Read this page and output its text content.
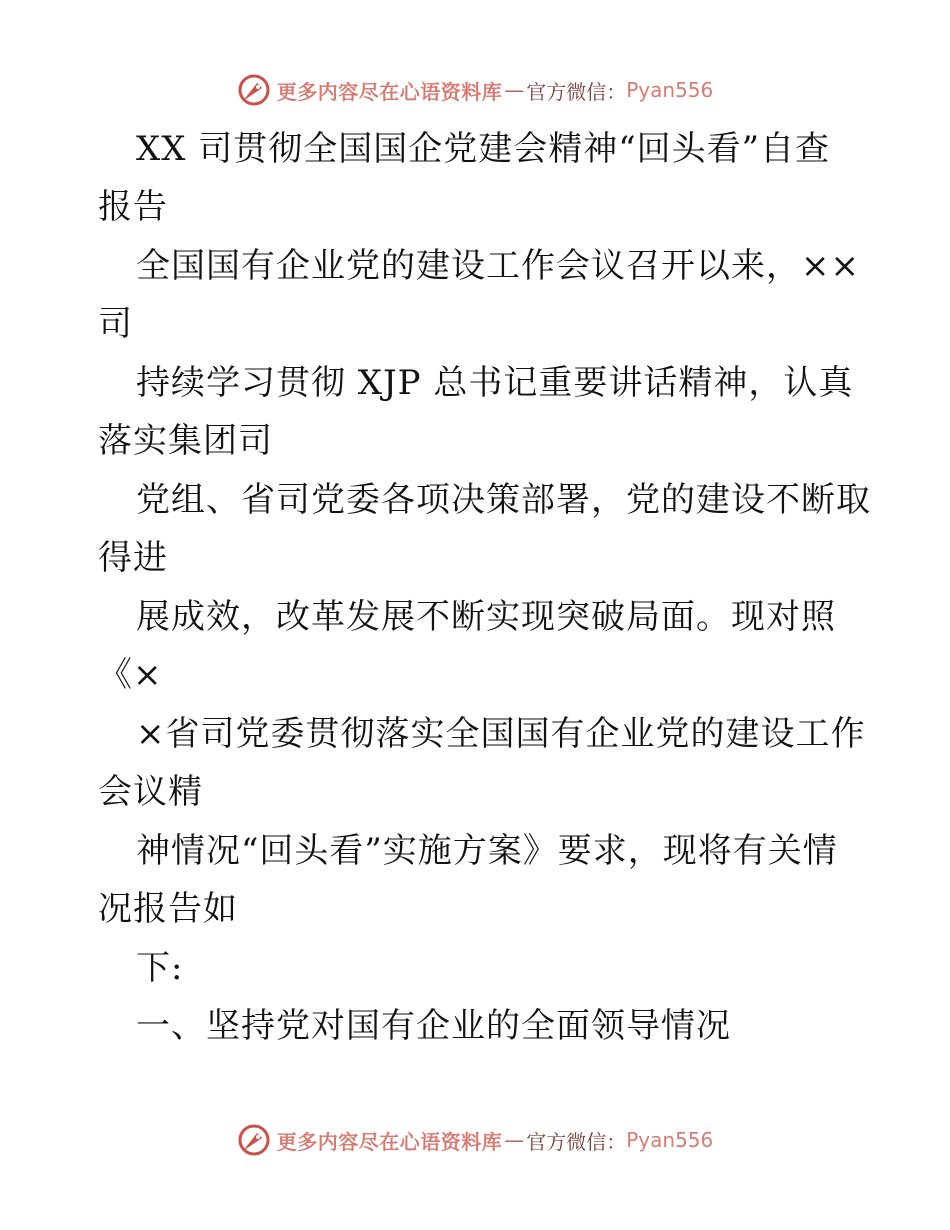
更多内容尽在心语资料库 — 官方微信： Pyan556
XX 司贯彻全国国企党建会精神“回头看”自查
报告
全国国有企业党的建设工作会议召开以来，××
司
持续学习贯彻 XJP 总书记重要讲话精神，认真
落实集团司
党组、省司党委各项决策部署，党的建设不断取
得进
展成效，改革发展不断实现突破局面。现对照
《×
×省司党委贯彻落实全国国有企业党的建设工作
会议精
神情况“回头看”实施方案》要求，现将有关情
况报告如
下:
一、坚持党对国有企业的全面领导情况
更多内容尽在心语资料库 — 官方微信： Pyan556
